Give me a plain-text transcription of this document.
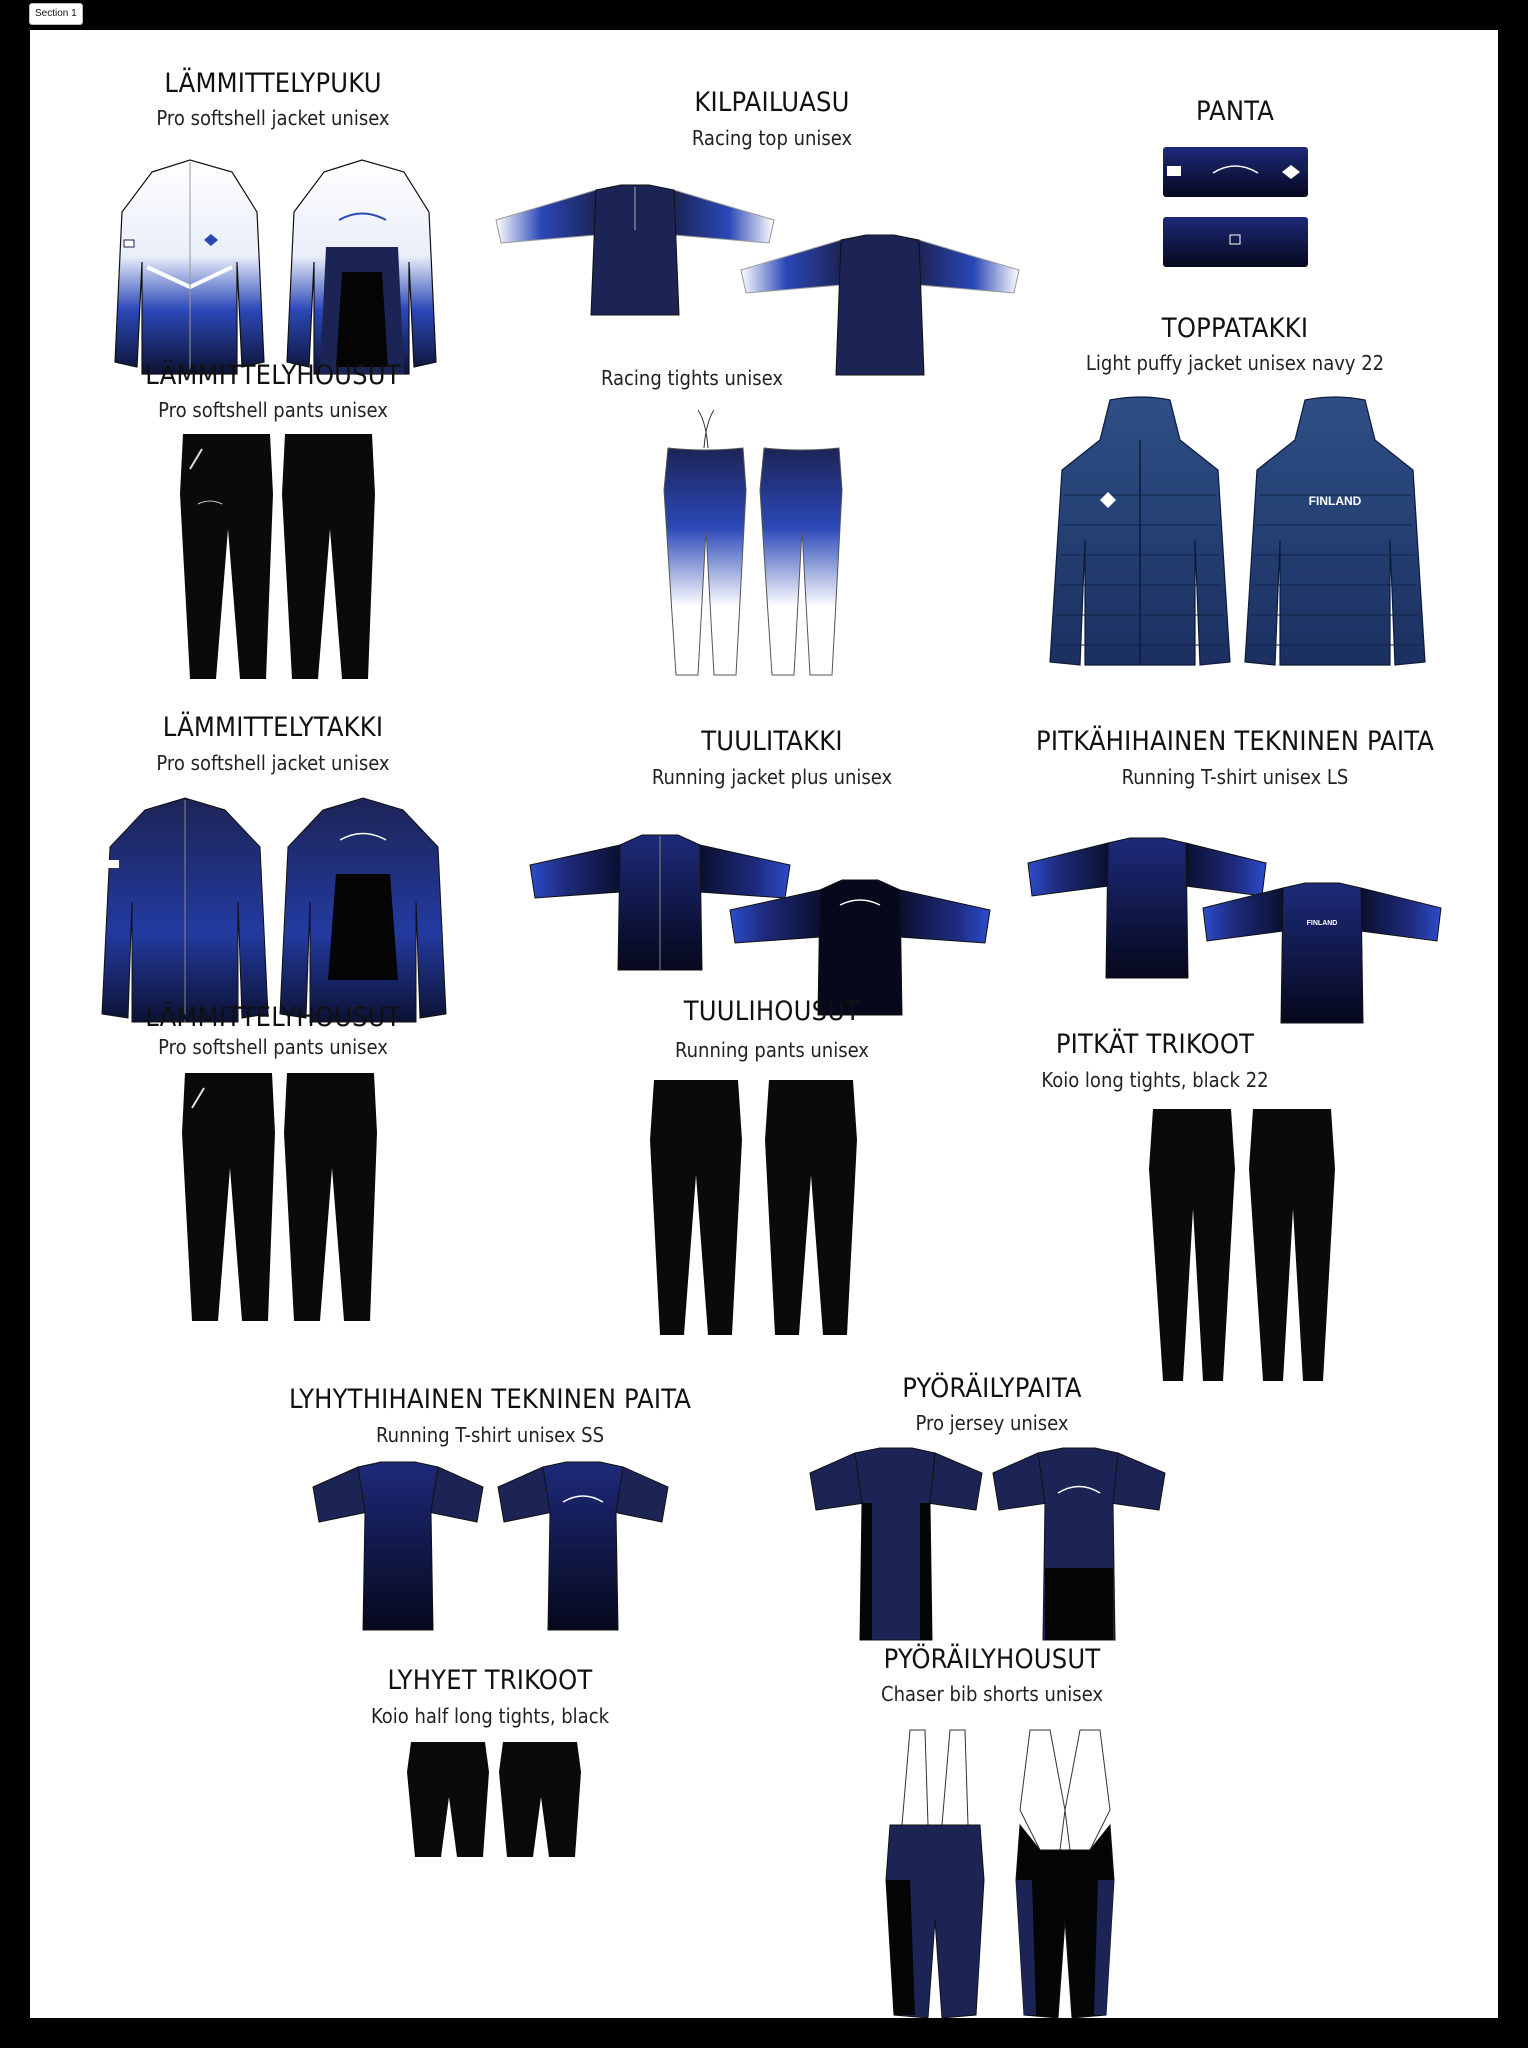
Section 1
LÄMMITTELYPUKU
Pro softshell jacket unisex	KILPAILUASU
Racing top unisex
Racing tights unisex
PANTA
LÄMMITTELYHOUSUT
Pro softshell pants unisex
TOPPATAKKI
Light puffy jacket unisex navy 22
FINLAND
LÄMMITTELYTAKKI
Pro softshell jacket unisex
TUULITAKKI
Running jacket plus unisex
PITKÄHIHAINEN TEKNINEN PAITA
Running T-shirt unisex LS
FINLAND
LÄMMITTELYHOUSUT
Pro softshell pants unisex
TUULIHOUSUT
Running pants unisex	PITKÄT TRIKOOT
Koio long tights, black 22
LYHYTHIHAINEN TEKNINEN PAITA
Running T-shirt unisex SS
PYÖRÄILYPAITA
Pro jersey unisex
LYHYET TRIKOOT
Koio half long tights, black
PYÖRÄILYHOUSUT
Chaser bib shorts unisex
